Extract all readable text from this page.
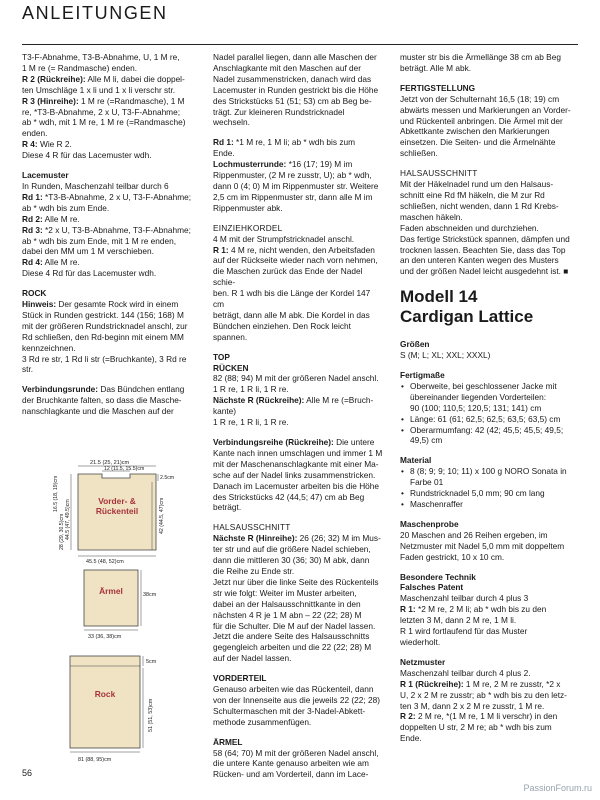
ANLEITUNGEN

T3-F-Abnahme, T3-B-Abnahme, U, 1 M re,

1 M re (= Randmasche) enden.

R 2 (Rückreihe): Alle M li, dabei die doppel-

ten Umschläge 1 x li und 1 x li verschr str.

R 3 (Hinreihe): 1 M re (=Randmasche), 1 M

re, *T3-B-Abnahme, 2 x U, T3-F-Abnahme;

ab * wdh, mit 1 M re, 1 M re (=Randmasche)

enden.

R 4: Wie R 2.

Diese 4 R für das Lacemuster wdh.

Lacemuster

In Runden, Maschenzahl teilbar durch 6

Rd 1: *T3-B-Abnahme, 2 x U, T3-F-Abnahme;

ab * wdh bis zum Ende.

Rd 2: Alle M re.

Rd 3: *2 x U, T3-B-Abnahme, T3-F-Abnahme;

ab * wdh bis zum Ende, mit 1 M re enden,

dabei den MM um 1 M verschieben.

Rd 4: Alle M re.

Diese 4 Rd für das Lacemuster wdh.

ROCK

Hinweis: Der gesamte Rock wird in einem

Stück in Runden gestrickt. 144 (156; 168) M

mit der größeren Rundstricknadel anschl, zur

Rd schließen, den Rd-beginn mit einem MM

kennzeichnen.

3 Rd re str, 1 Rd li str (=Bruchkante), 3 Rd re

str.

Verbindungsrunde: Das Bündchen entlang

der Bruchkante falten, so dass die Masche-

nanschlagkante und die Maschen auf der

21.5 (25, 21)cm
12 (11.5, 15.5)cm
2.5cm
44.5 (47, 49.5)cm
28 (29, 30.5)cm
16.5 (18, 19)cm
42 (44.5, 47)cm
Vorder- &
Rückenteil
45.5 (48, 52)cm
Ärmel	38cm
33 (36, 38)cm
Rock
5cm
51 (51, 53)cm
81 (88, 95)cm

Nadel parallel liegen, dann alle Maschen der

Anschlagkante mit den Maschen auf der

Nadel zusammenstricken, danach wird das

Lacemuster in Runden gestrickt bis die Höhe

des Strickstücks 51 (51; 53) cm ab Beg be-

trägt. Zur kleineren Rundstricknadel wechseln.

Rd 1: *1 M re, 1 M li; ab * wdh bis zum

Ende.

Lochmusterrunde: *16 (17; 19) M im

Rippenmuster, (2 M re zusstr, U); ab * wdh,

dann 0 (4; 0) M im Rippenmuster str. Weitere

2,5 cm im Rippenmuster str, dann alle M im

Rippenmuster abk.

EINZIEHKORDEL

4 M mit der Strumpfstricknadel anschl.

R 1: 4 M re, nicht wenden, den Arbeitsfaden

auf der Rückseite wieder nach vorn nehmen,

die Maschen zurück das Ende der Nadel schie-

ben. R 1 wdh bis die Länge der Kordel 147 cm

beträgt, dann alle M abk. Die Kordel in das

Bündchen einziehen. Den Rock leicht spannen.

TOP

RÜCKEN

82 (88; 94) M mit der größeren Nadel anschl.

1 R re, 1 R li, 1 R re.

Nächste R (Rückreihe): Alle M re (=Bruch-

kante)

1 R re, 1 R li, 1 R re.

Verbindungsreihe (Rückreihe): Die untere

Kante nach innen umschlagen und immer 1 M

mit der Maschenanschlagkante mit einer Ma-

sche auf der Nadel links zusammenstricken.

Danach im Lacemuster arbeiten bis die Höhe

des Strickstücks 42 (44,5; 47) cm ab Beg

beträgt.

HALSAUSSCHNITT

Nächste R (Hinreihe): 26 (26; 32) M im Mus-

ter str und auf die größere Nadel schieben,

dann die mittleren 30 (36; 30) M abk, dann

die Reihe zu Ende str.

Jetzt nur über die linke Seite des Rückenteils

str wie folgt: Weiter im Muster arbeiten,

dabei an der Halsausschnittkante in den

nächsten 4 R je 1 M abn – 22 (22; 28) M

für die Schulter. Die M auf der Nadel lassen.

Jetzt die andere Seite des Halsausschnitts

gegengleich arbeiten und die 22 (22; 28) M

auf der Nadel lassen.

VORDERTEIL

Genauso arbeiten wie das Rückenteil, dann

von der Innenseite aus die jeweils 22 (22; 28)

Schultermaschen mit der 3-Nadel-Abkett-

methode zusammenfügen.

ÄRMEL

58 (64; 70) M mit der größeren Nadel anschl,

die untere Kante genauso arbeiten wie am

Rücken- und am Vorderteil, dann im Lace-

muster str bis die Ärmellänge 38 cm ab Beg

beträgt. Alle M abk.

FERTIGSTELLUNG

Jetzt von der Schulternaht 16,5 (18; 19) cm

abwärts messen und Markierungen an Vorder-

und Rückenteil anbringen. Die Ärmel mit der

Abkettkante zwischen den Markierungen

einsetzen. Die Seiten- und die Ärmelnähte

schließen.

HALSAUSSCHNITT

Mit der Häkelnadel rund um den Halsaus-

schnitt eine Rd fM häkeln, die M zur Rd

schließen, nicht wenden, dann 1 Rd Krebs-

maschen häkeln.

Faden abschneiden und durchziehen.

Das fertige Strickstück spannen, dämpfen und

trocknen lassen. Beachten Sie, dass das Top

an den unteren Kanten wegen des Musters

und der größen Nadel leicht ausgedehnt ist. ■

Modell 14
Cardigan Lattice

Größen

S (M; L; XL; XXL; XXXL)

Fertigmaße

• Oberweite, bei geschlossener Jacke mit
übereinander liegenden Vorderteilen:
90 (100; 110,5; 120,5; 131; 141) cm
• Länge: 61 (61; 62,5; 62,5; 63,5; 63,5) cm
• Oberarmumfang: 42 (42; 45,5; 45,5; 49,5;
49,5) cm

Material

• 8 (8; 9; 9; 10; 11) x 100 g NORO Sonata in
Farbe 01
• Rundstricknadel 5,0 mm; 90 cm lang
• Maschenraffer

Maschenprobe

20 Maschen and 26 Reihen ergeben, im

Netzmuster mit Nadel 5,0 mm mit doppeltem

Faden gestrickt, 10 x 10 cm.

Besondere Technik

Falsches Patent

Maschenzahl teilbar durch 4 plus 3

R 1: *2 M re, 2 M li; ab * wdh bis zu den

letzten 3 M, dann 2 M re, 1 M li.

R 1 wird fortlaufend für das Muster

wiederholt.

Netzmuster

Maschenzahl teilbar durch 4 plus 2.

R 1 (Rückreihe): 1 M re, 2 M re zusstr, *2 x

U, 2 x 2 M re zusstr; ab * wdh bis zu den letz-

ten 3 M, dann 2 x 2 M re zusstr, 1 M re.

R 2: 2 M re, *(1 M re, 1 M li verschr) in den

doppelten U str, 2 M re; ab * wdh bis zum

Ende.

56
PassionForum.ru
